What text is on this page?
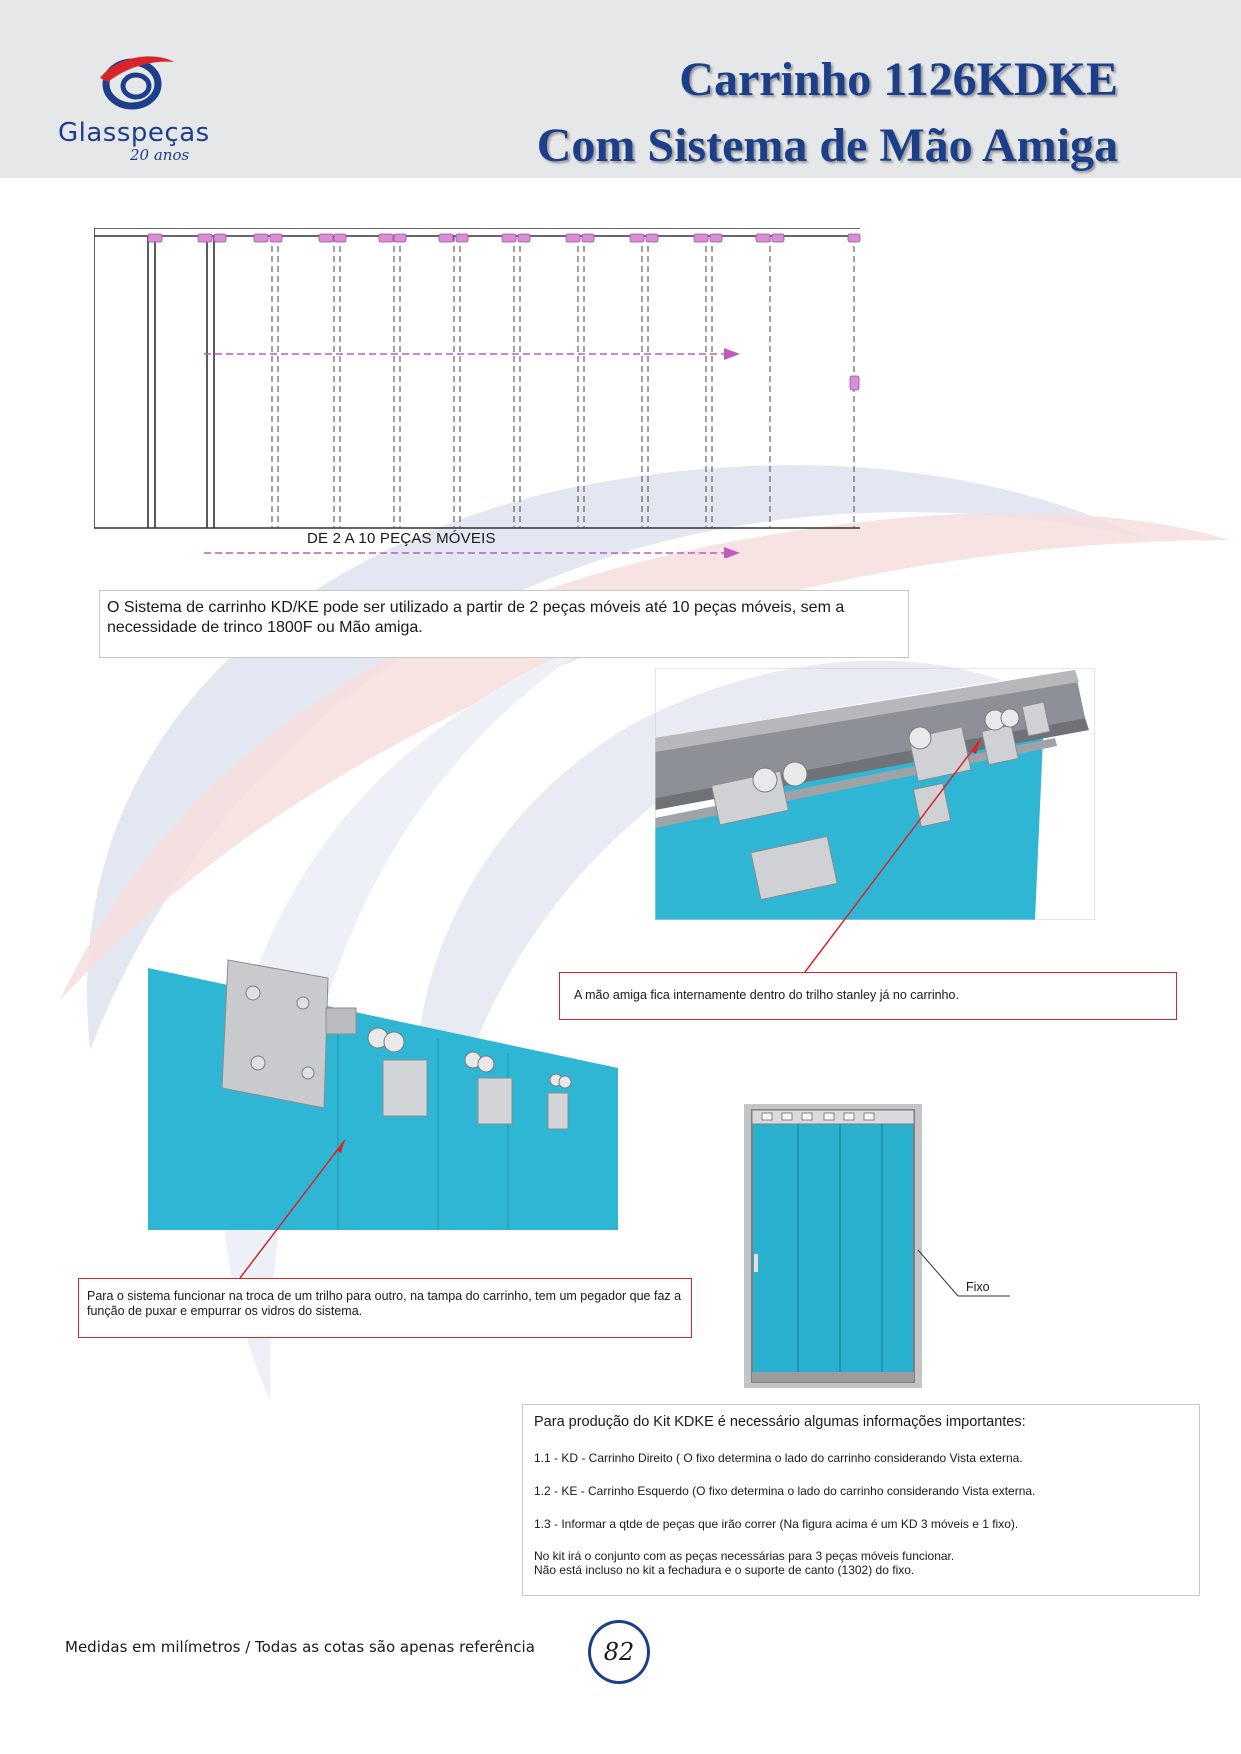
Glasspeças
20 anos
Carrinho 1126KDKE
Com Sistema de Mão Amiga
DE 2 A 10 PEÇAS MÓVEIS
O Sistema de carrinho KD/KE pode ser utilizado a partir de 2 peças móveis até 10 peças móveis, sem a necessidade de trinco 1800F ou Mão amiga.
A mão amiga fica internamente dentro do trilho stanley já no carrinho.
Fixo
Para o sistema funcionar na troca de um trilho para outro, na tampa do carrinho, tem um pegador que faz a função de puxar e empurrar os vidros do sistema.
Para produção do Kit KDKE é necessário algumas informações importantes:
1.1 - KD - Carrinho Direito ( O fixo determina o lado do carrinho considerando Vista externa.
1.2 - KE - Carrinho Esquerdo (O fixo determina o lado do carrinho considerando Vista externa.
1.3 - Informar a qtde de peças que irão correr (Na figura acima é um KD 3 móveis e 1 fixo).
No kit irá o conjunto com as peças necessárias para 3 peças móveis funcionar.
Não está incluso no kit a fechadura e o suporte de canto (1302) do fixo.
Medidas em milímetros / Todas as cotas são apenas referência	82
